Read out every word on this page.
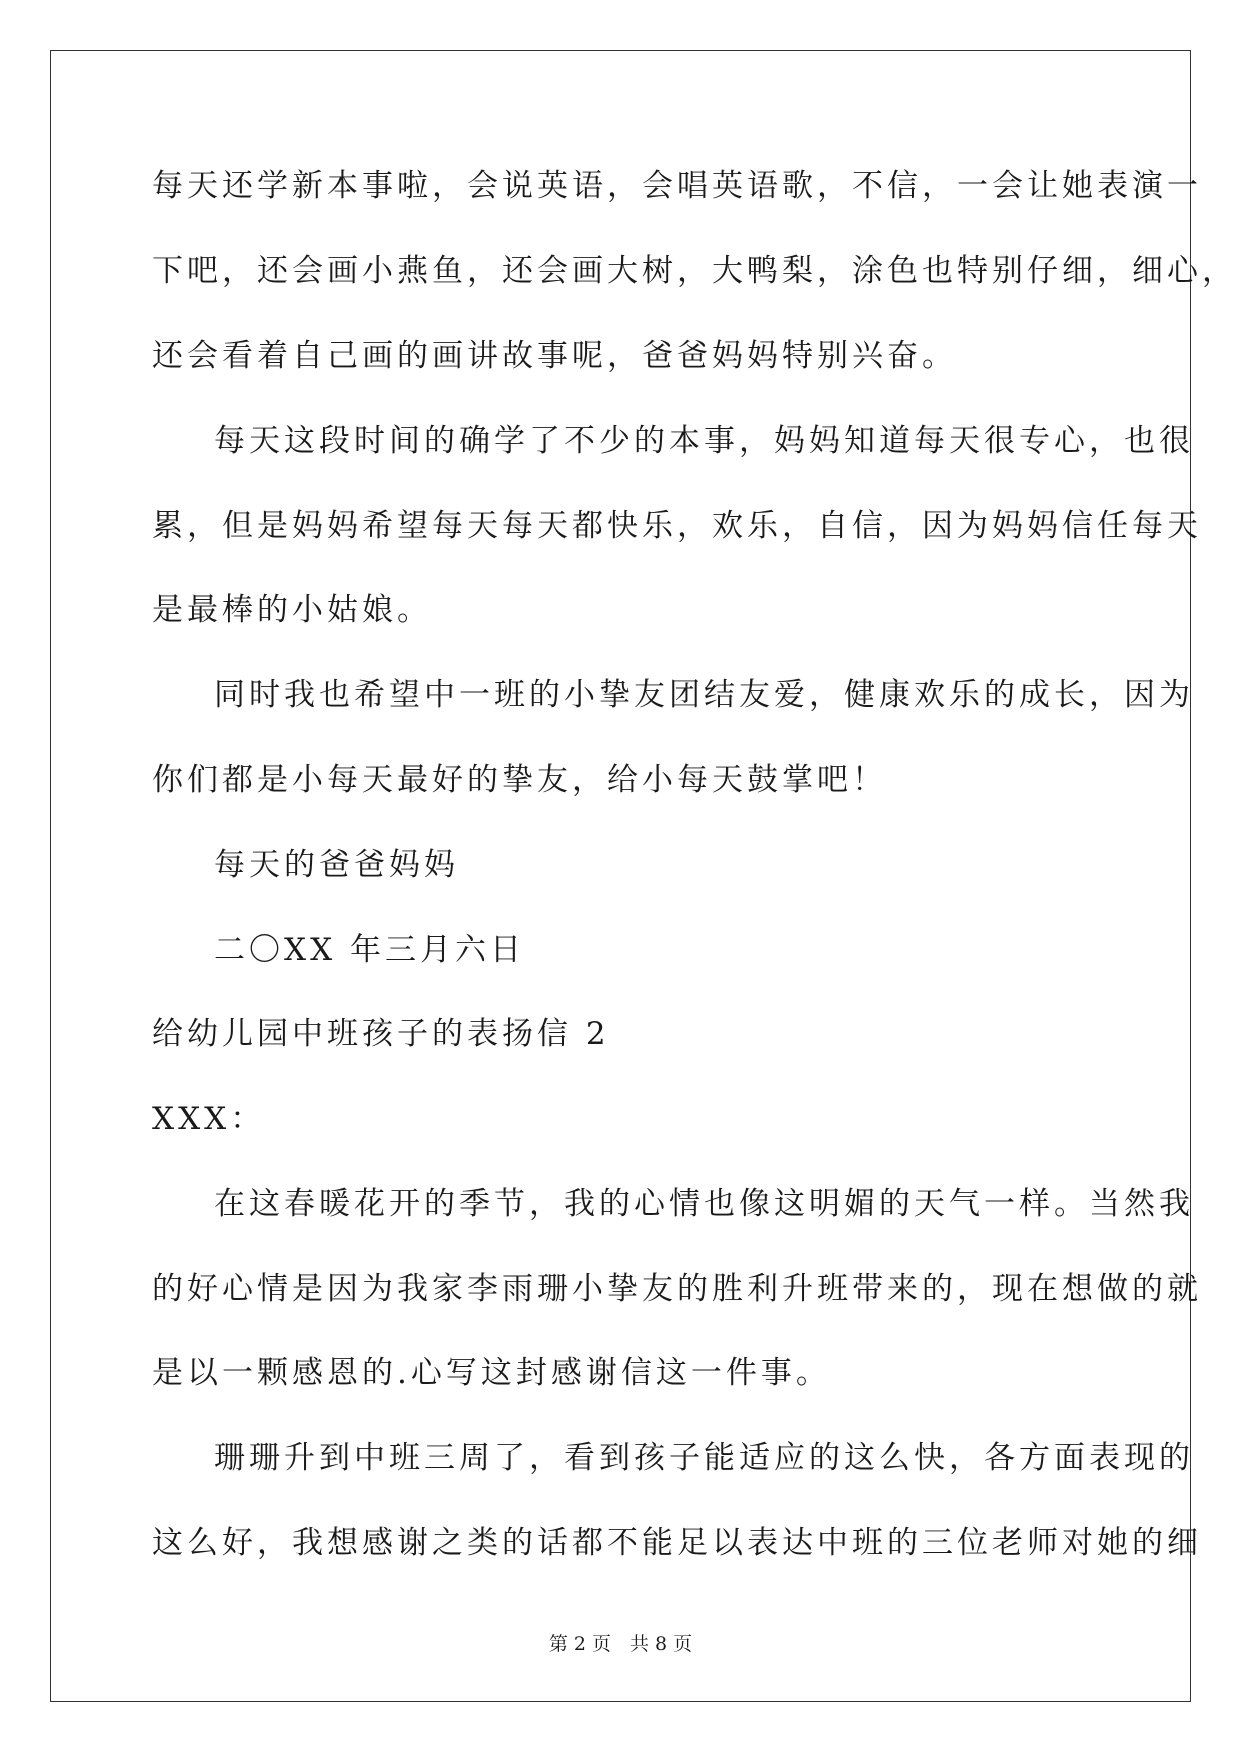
每天还学新本事啦，会说英语，会唱英语歌，不信，一会让她表演一
下吧，还会画小燕鱼，还会画大树，大鸭梨，涂色也特别仔细，细心，
还会看着自己画的画讲故事呢，爸爸妈妈特别兴奋。
每天这段时间的确学了不少的本事，妈妈知道每天很专心，也很
累，但是妈妈希望每天每天都快乐，欢乐，自信，因为妈妈信任每天
是最棒的小姑娘。
同时我也希望中一班的小挚友团结友爱，健康欢乐的成长，因为
你们都是小每天最好的挚友，给小每天鼓掌吧！
每天的爸爸妈妈
二〇XX 年三月六日
给幼儿园中班孩子的表扬信 2
XXX：
在这春暖花开的季节，我的心情也像这明媚的天气一样。当然我
的好心情是因为我家李雨珊小挚友的胜利升班带来的，现在想做的就
是以一颗感恩的.心写这封感谢信这一件事。
珊珊升到中班三周了，看到孩子能适应的这么快，各方面表现的
这么好，我想感谢之类的话都不能足以表达中班的三位老师对她的细
第 2 页　共 8 页
